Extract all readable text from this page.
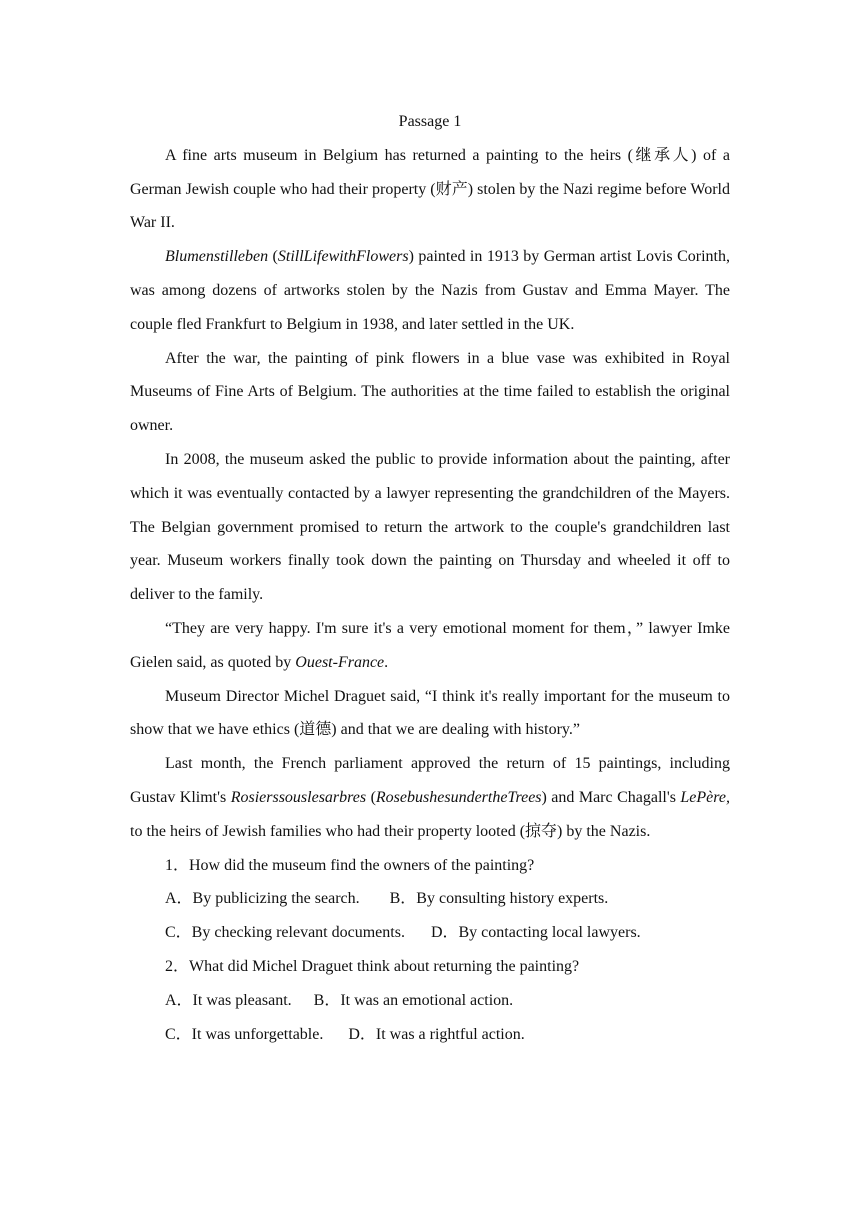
Passage 1

A fine arts museum in Belgium has returned a painting to the heirs (继承人) of a German Jewish couple who had their property (财产) stolen by the Nazi regime before World War II.

Blumenstilleben (StillLifewithFlowers) painted in 1913 by German artist Lovis Corinth, was among dozens of artworks stolen by the Nazis from Gustav and Emma Mayer. The couple fled Frankfurt to Belgium in 1938, and later settled in the UK.

After the war, the painting of pink flowers in a blue vase was exhibited in Royal Museums of Fine Arts of Belgium. The authorities at the time failed to establish the original owner.

In 2008, the museum asked the public to provide information about the painting, after which it was eventually contacted by a lawyer representing the grandchildren of the Mayers. The Belgian government promised to return the artwork to the couple's grandchildren last year. Museum workers finally took down the painting on Thursday and wheeled it off to deliver to the family.

“They are very happy. I'm sure it's a very emotional moment for them，” lawyer Imke Gielen said, as quoted by Ouest-France.

Museum Director Michel Draguet said, “I think it's really important for the museum to show that we have ethics (道德) and that we are dealing with history.”

Last month, the French parliament approved the return of 15 paintings, including Gustav Klimt's Rosierssouslesarbres (RosebushesundertheTrees) and Marc Chagall's LePère, to the heirs of Jewish families who had their property looted (掠夺) by the Nazis.

1．How did the museum find the owners of the painting?

A．By publicizing the search. B．By consulting history experts.

C．By checking relevant documents. D．By contacting local lawyers.

2．What did Michel Draguet think about returning the painting?

A．It was pleasant. B．It was an emotional action.

C．It was unforgettable. D．It was a rightful action.
